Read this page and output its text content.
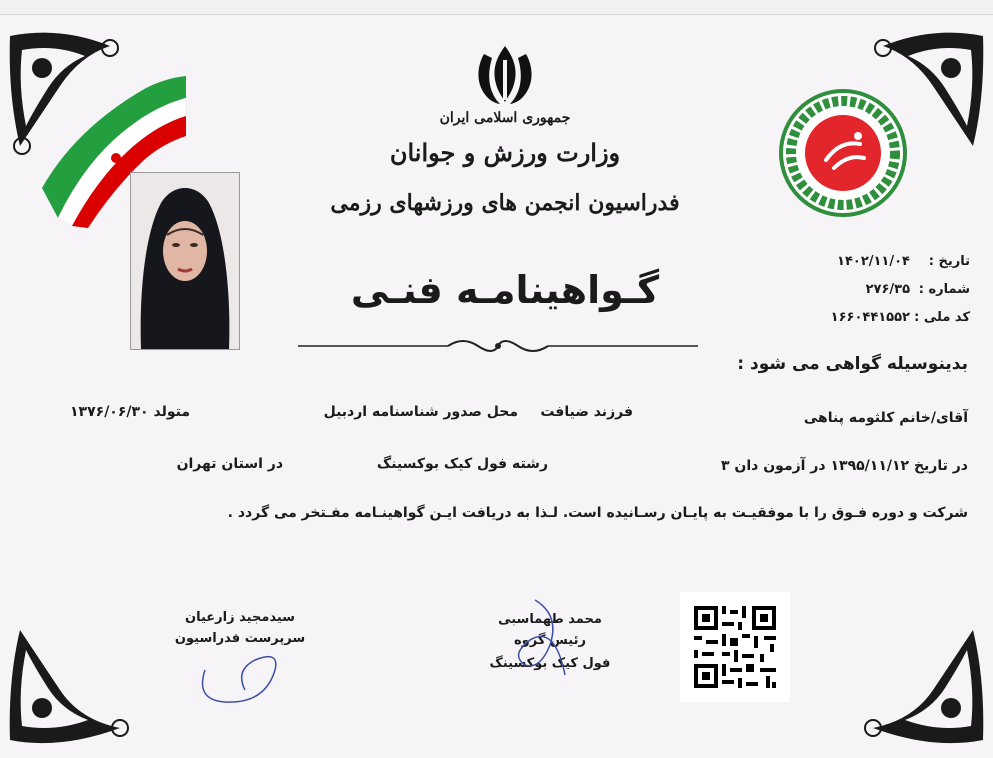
جمهوری اسلامی ایران
وزارت ورزش و جوانان
فدراسیون انجمن های ورزشهای رزمی
تاریخ :
۱۴۰۲/۱۱/۰۴
شماره :
۲۷۶/۳۵
کد ملی :
۱۶۶۰۴۴۱۵۵۲
گـواهینامـه فنـی
بدینوسیله گواهی می شود :
آقای/خانم کلثومه پناهی
فرزند ضیافت
محل صدور شناسنامه اردبیل
متولد ۱۳۷۶/۰۶/۳۰
در تاریخ ۱۳۹۵/۱۱/۱۲ در آزمون دان ۳
رشته فول کیک بوکسینگ
در استان تهران
شرکت و دوره فـوق را با موفقیـت به پایـان رسـانیده است. لـذا به دریافت ایـن گواهینـامه مفـتخر می گردد .
سیدمجید زارعیان
سرپرست فدراسیون
محمد طهماسبی
رئیس گروه
فول کیک بوکسینگ
